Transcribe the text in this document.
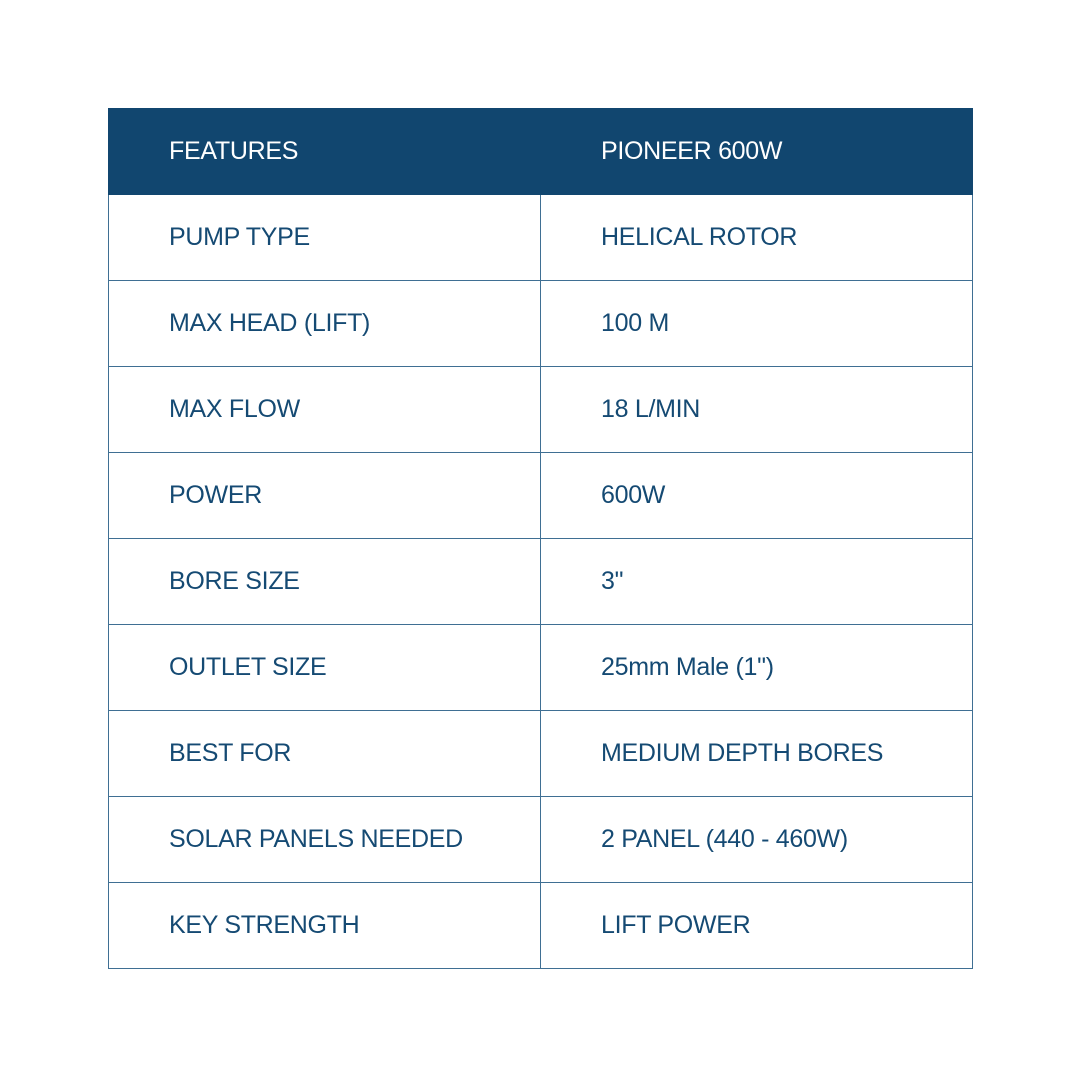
FEATURES	PIONEER 600W
PUMP TYPE	HELICAL ROTOR
MAX HEAD (LIFT)	100 M
MAX FLOW	18 L/MIN
POWER	600W
BORE SIZE	3"
OUTLET SIZE	25mm Male (1")
BEST FOR	MEDIUM DEPTH BORES
SOLAR PANELS NEEDED	2 PANEL (440 - 460W)
KEY STRENGTH	LIFT POWER
